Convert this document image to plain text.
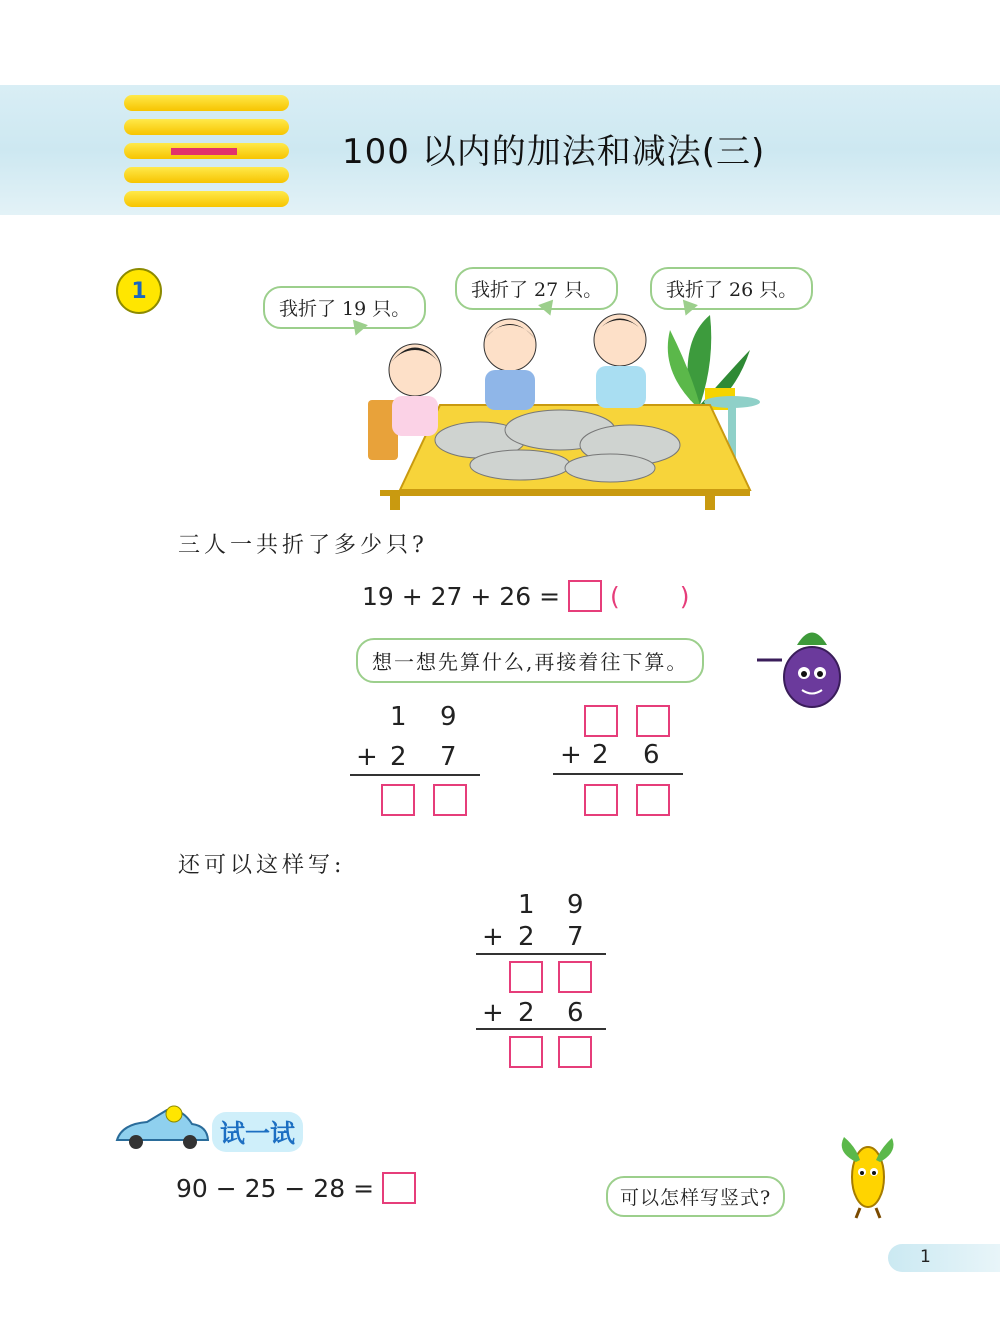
100 以内的加法和减法(三)
1
我折了 19 只。
我折了 27 只。	我折了 26 只。
三人一共折了多少只?
19 + 27 + 26 = ( )
想一想先算什么,再接着往下算。
1 9
+ 2 7	+ 2 6
还可以这样写:
1 9
+ 2 7
+ 2 6
试一试
90 − 25 − 28 =	可以怎样写竖式?
1
